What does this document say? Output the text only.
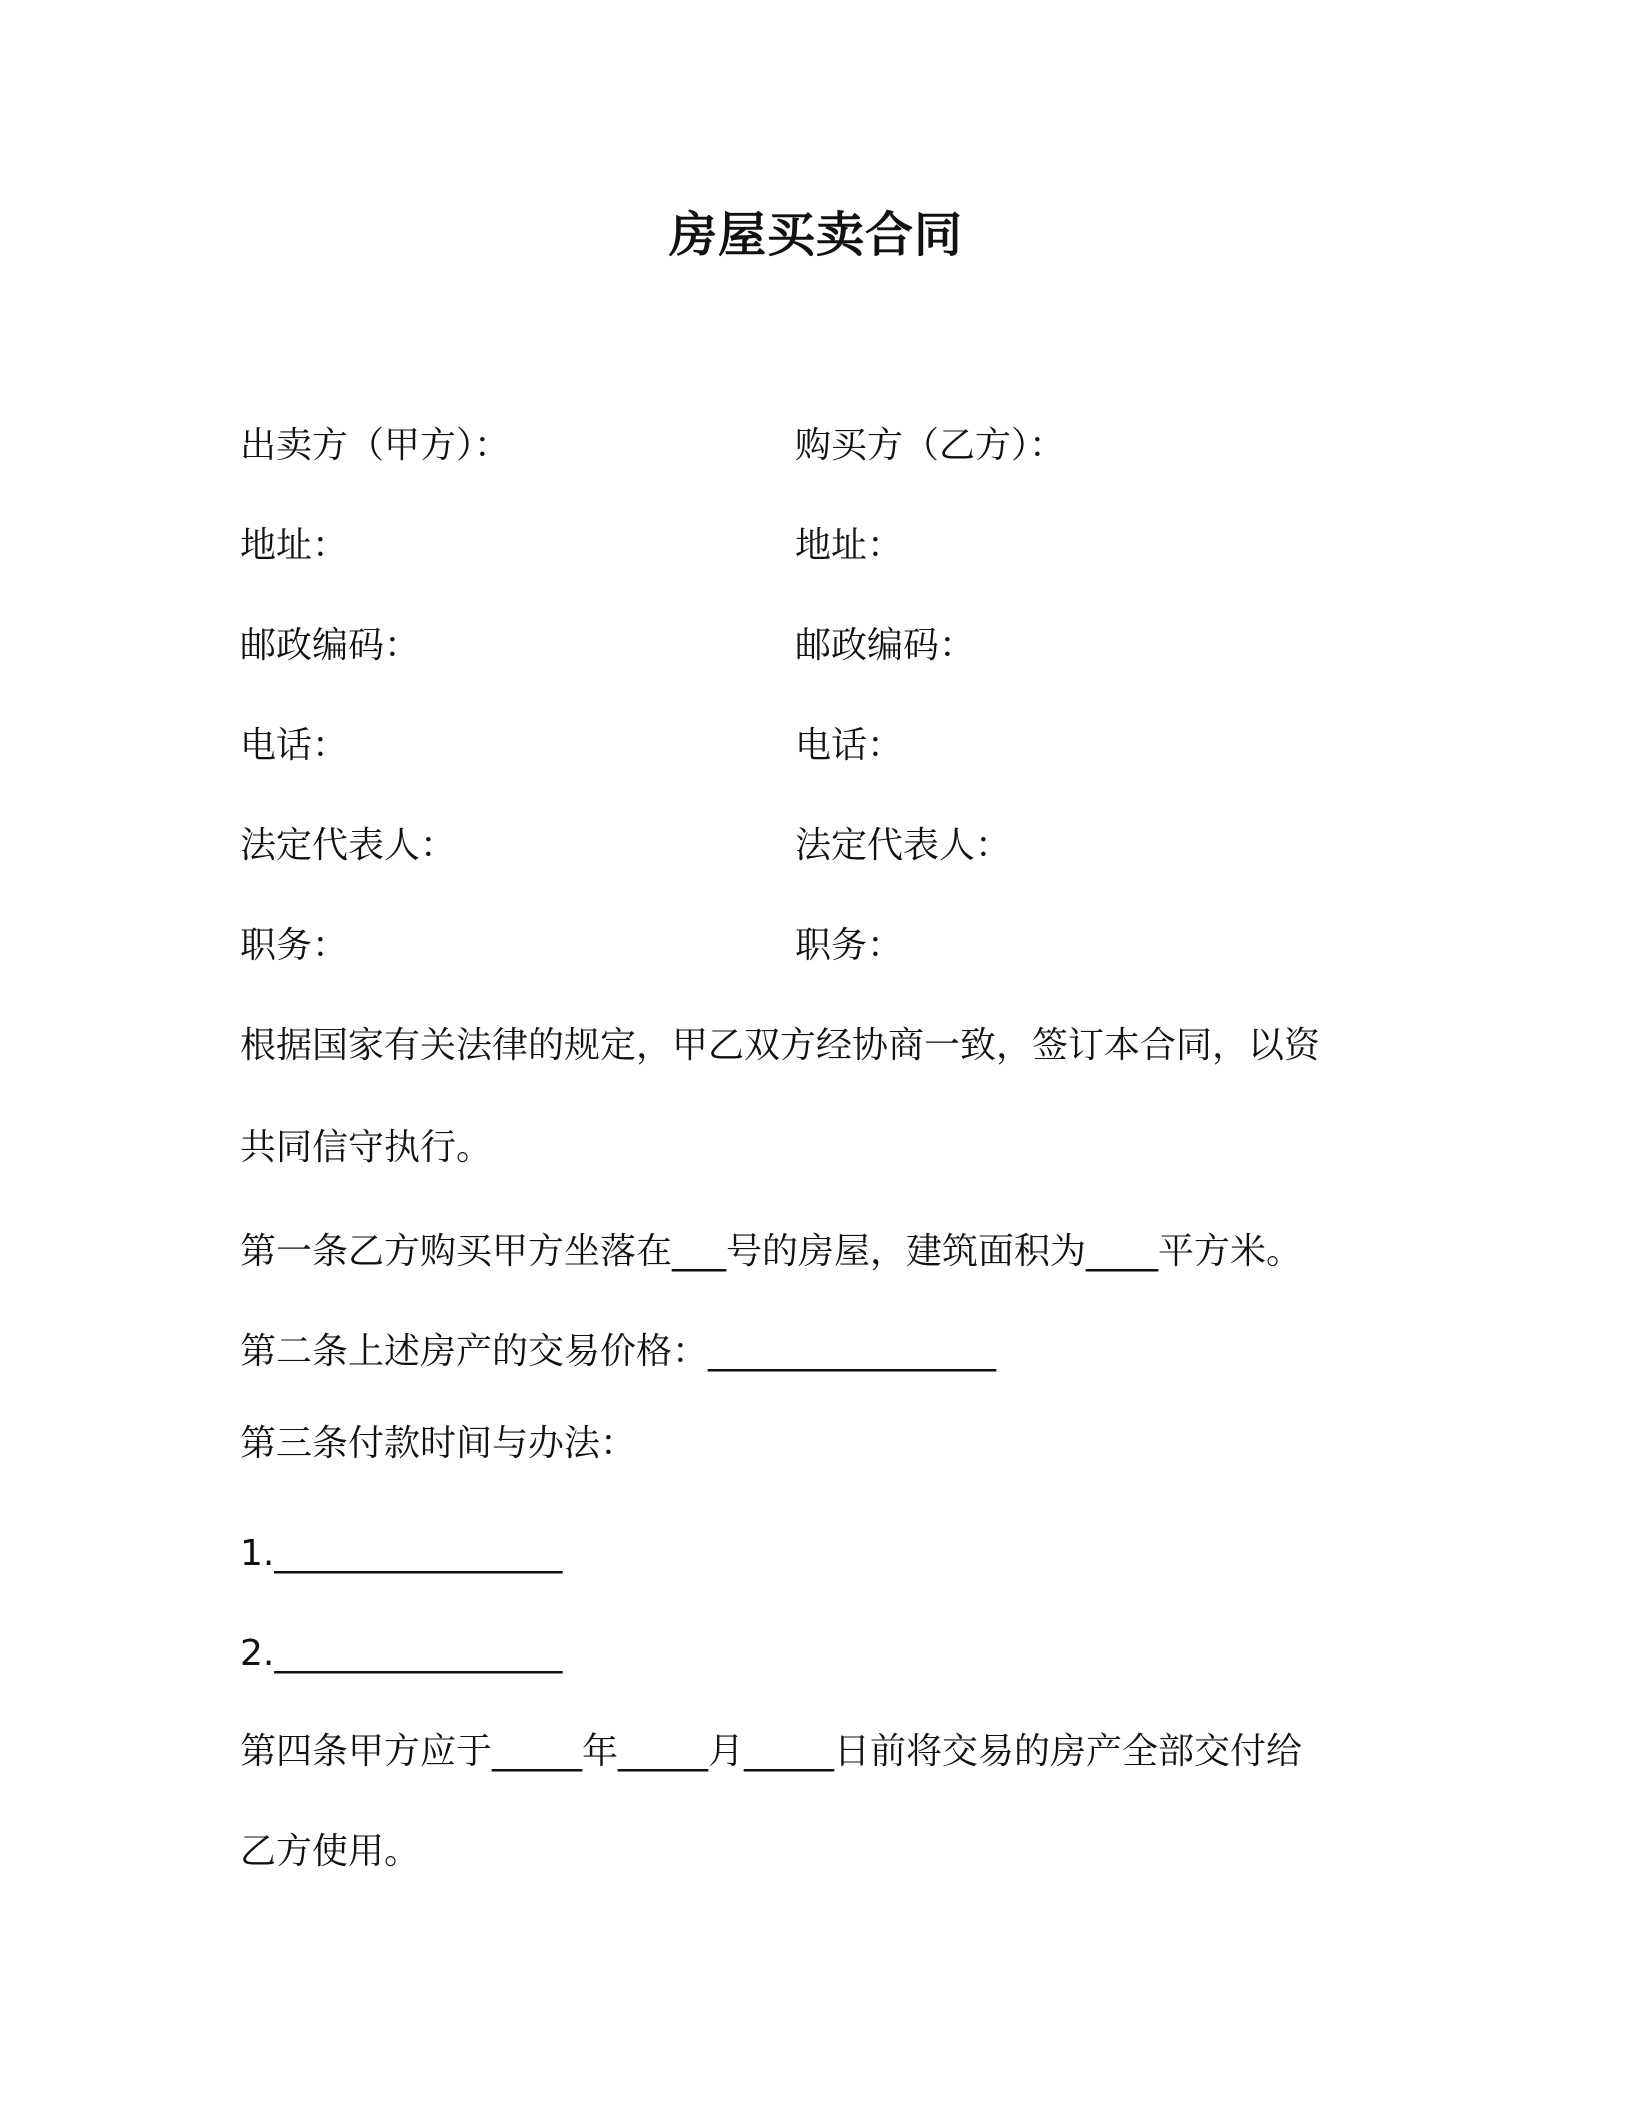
房屋买卖合同
出卖方（甲方）：
地址：
邮政编码：
电话：
法定代表人：
职务：
购买方（乙方）：
地址：
邮政编码：
电话：
法定代表人：
职务：
根据国家有关法律的规定，甲乙双方经协商一致，签订本合同，以资
共同信守执行。
第一条乙方购买甲方坐落在___号的房屋，建筑面积为____平方米。
第二条上述房产的交易价格：________________
第三条付款时间与办法：
1.________________
2.________________
第四条甲方应于_____年_____月_____日前将交易的房产全部交付给
乙方使用。
